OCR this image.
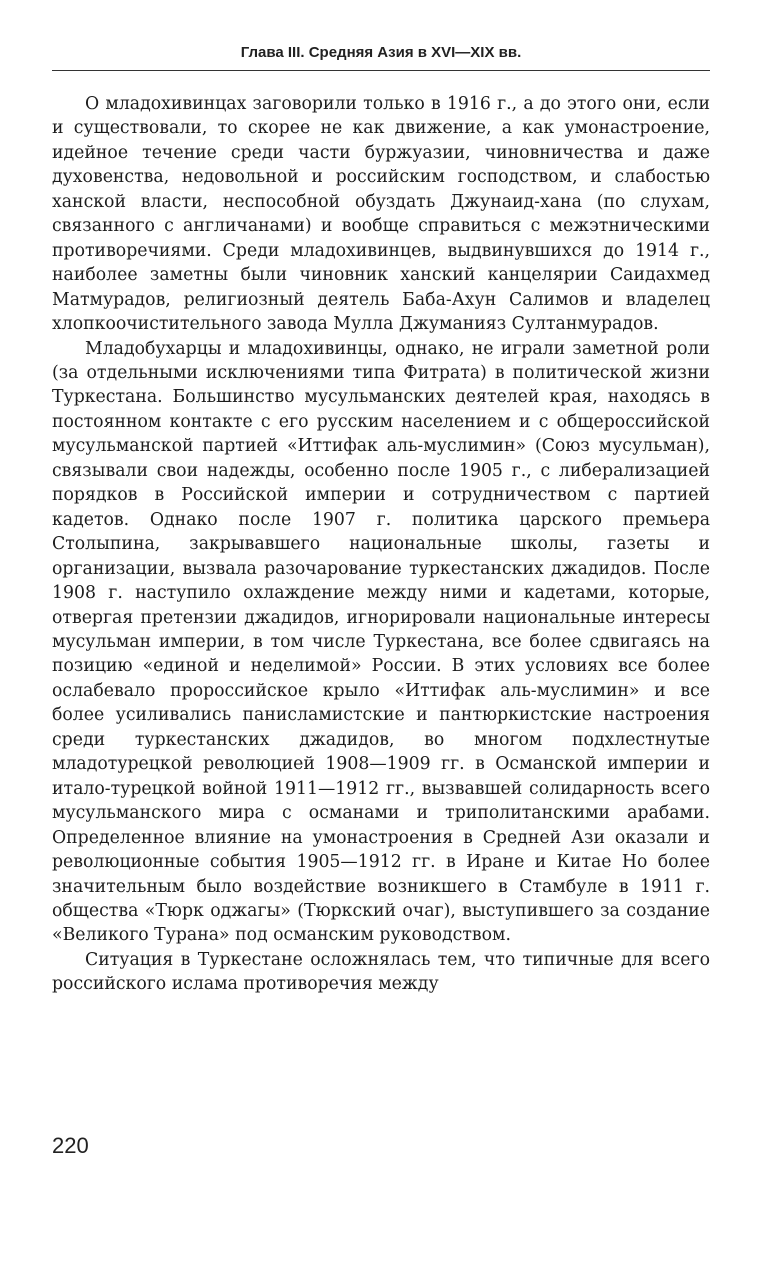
Глава III. Средняя Азия в XVI—XIX вв.

О младохивинцах заговорили только в 1916 г., а до этого они, если и существовали, то скорее не как движение, а как умонастроение, идейное течение среди части буржуазии, чиновничества и даже духовенства, недовольной и российским господством, и слабостью ханской власти, неспособной обуздать Джунаид-хана (по слухам, связанного с англичанами) и вообще справиться с межэтническими противоречиями. Среди младохивинцев, выдвинувшихся до 1914 г., наиболее заметны были чиновник ханский канцелярии Саидахмед Матмурадов, религиозный деятель Баба-Ахун Салимов и владелец хлопкоочистительного завода Мулла Джуманияз Султанмурадов.

Младобухарцы и младохивинцы, однако, не играли заметной роли (за отдельными исключениями типа Фитрата) в политической жизни Туркестана. Большинство мусульманских деятелей края, находясь в постоянном контакте с его русским населением и с общероссийской мусульманской партией «Иттифак аль-муслимин» (Союз мусульман), связывали свои надежды, особенно после 1905 г., с либерализацией порядков в Российской империи и сотрудничеством с партией кадетов. Однако после 1907 г. политика царского премьера Столыпина, закрывавшего национальные школы, газеты и организации, вызвала разочарование туркестанских джадидов. После 1908 г. наступило охлаждение между ними и кадетами, которые, отвергая претензии джадидов, игнорировали национальные интересы мусульман империи, в том числе Туркестана, все более сдвигаясь на позицию «единой и неделимой» России. В этих условиях все более ослабевало пророссийское крыло «Иттифак аль-муслимин» и все более усиливались панисламистские и пантюркистские настроения среди туркестанских джадидов, во многом подхлестнутые младотурецкой революцией 1908—1909 гг. в Османской империи и итало-турецкой войной 1911—1912 гг., вызвавшей солидарность всего мусульманского мира с османами и триполитанскими арабами. Определенное влияние на умонастроения в Средней Ази оказали и революционные события 1905—1912 гг. в Иране и Китае Но более значительным было воздействие возникшего в Стамбуле в 1911 г. общества «Тюрк оджагы» (Тюркский очаг), выступившего за создание «Великого Турана» под османским руководством.

Ситуация в Туркестане осложнялась тем, что типичные для всего российского ислама противоречия между

220
